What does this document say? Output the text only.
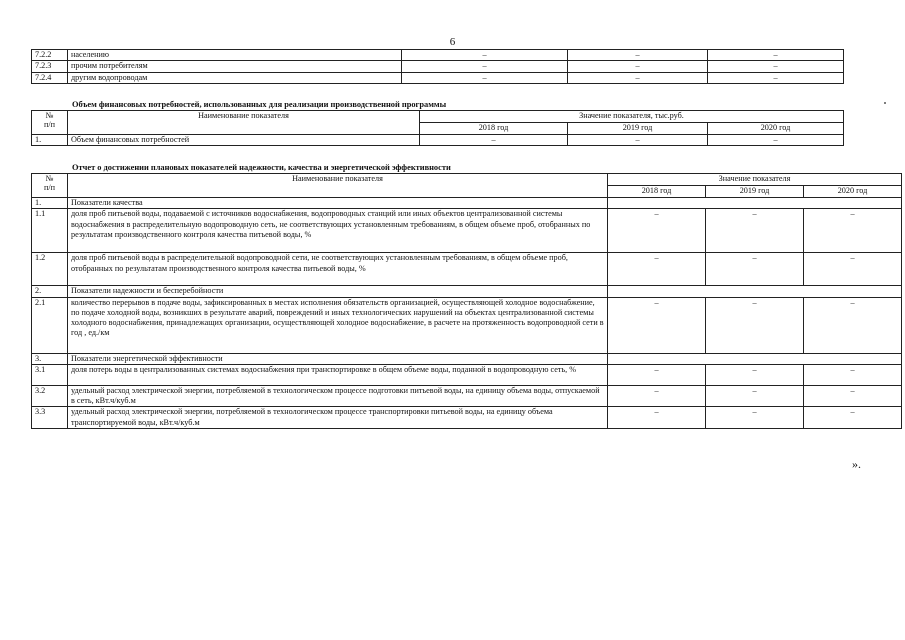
6
7.2.2	населению	–	–	–
7.2.3	прочим потребителям	–	–	–
7.2.4	другим водопроводам	–	–	–
Объем финансовых потребностей, использованных для реализации производственной программы
№
п/п	Наименование показателя	Значение показателя, тыс.руб.		
		2018 год	2019 год	2020 год
1.	Объем финансовых потребностей	–	–	–
Отчет о достижении плановых показателей надежности, качества и энергетической эффективности
№
п/п	Наименование показателя	Значение показателя		
		2018 год	2019 год	2020 год
1.	Показатели качества			
1.1	доля проб питьевой воды, подаваемой с источников водоснабжения, водопроводных станций или иных объектов централизованной системы водоснабжения в распределительную водопроводную сеть, не соответствующих установленным требованиям, в общем объеме проб, отобранных по результатам производственного контроля качества питьевой воды, %	–	–	–
1.2	доля проб питьевой воды в распределительной водопроводной сети, не соответствующих установленным требованиям, в общем объеме проб, отобранных по результатам производственного контроля качества питьевой воды, %	–	–	–
2.	Показатели надежности и бесперебойности			
2.1	количество перерывов в подаче воды, зафиксированных в местах исполнения обязательств организацией, осуществляющей холодное водоснабжение, по подаче холодной воды, возникших в результате аварий, повреждений и иных технологических нарушений на объектах централизованной системы холодного водоснабжения, принадлежащих организации, осуществляющей холодное водоснабжение, в расчете на протяженность водопроводной сети в год , ед./км	–	–	–
3.	Показатели энергетической эффективности			
3.1	доля потерь воды в централизованных системах водоснабжения при транспортировке в общем объеме воды, поданной в водопроводную сеть, %	–	–	–
3.2	удельный расход электрической энергии, потребляемой в технологическом процессе подготовки питьевой воды, на единицу объема воды, отпускаемой в сеть, кВт.ч/куб.м	–	–	–
3.3	удельный расход электрической энергии, потребляемой в технологическом процессе транспортировки питьевой воды, на единицу объема транспортируемой воды, кВт.ч/куб.м	–	–	–
».
